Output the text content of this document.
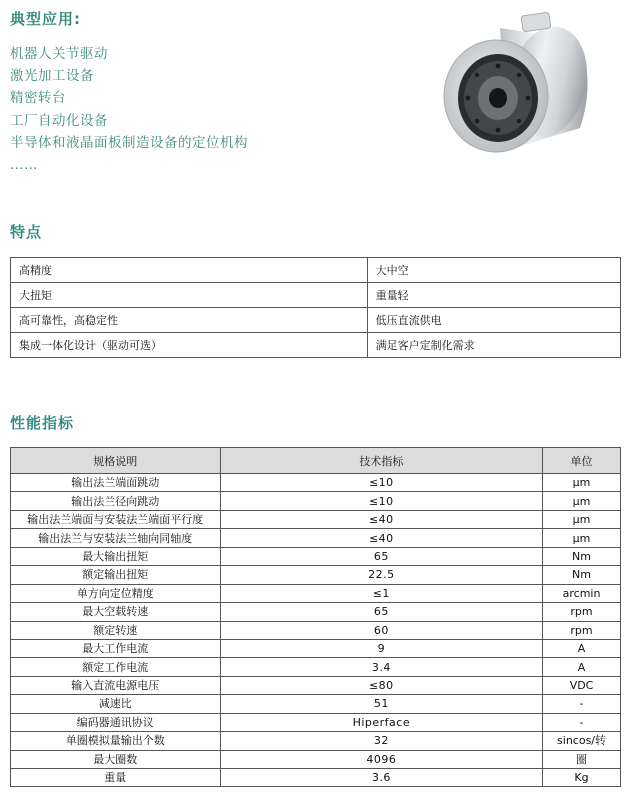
典型应用:
机器人关节驱动
激光加工设备
精密转台
工厂自动化设备
半导体和液晶面板制造设备的定位机构
……
特点
高精度	大中空
大扭矩	重量轻
高可靠性，高稳定性	低压直流供电
集成一体化设计（驱动可选）	满足客户定制化需求
性能指标
规格说明	技术指标	单位
输出法兰端面跳动	≤10	μm
输出法兰径向跳动	≤10	μm
输出法兰端面与安装法兰端面平行度	≤40	μm
输出法兰与安装法兰轴向同轴度	≤40	μm
最大输出扭矩	65	Nm
额定输出扭矩	22.5	Nm
单方向定位精度	≤1	arcmin
最大空载转速	65	rpm
额定转速	60	rpm
最大工作电流	9	A
额定工作电流	3.4	A
输入直流电源电压	≤80	VDC
减速比	51	-
编码器通讯协议	Hiperface	-
单圈模拟量输出个数	32	sincos/转
最大圈数	4096	圈
重量	3.6	Kg
